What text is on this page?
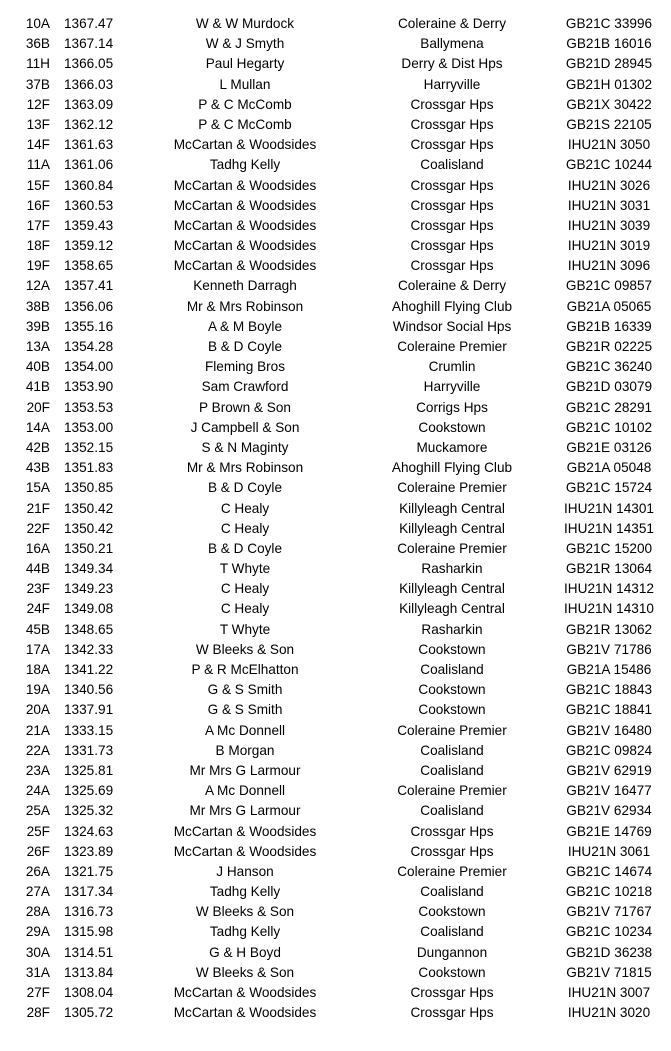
10A 1367.47	W & W Murdock	Coleraine & Derry	GB21C 33996
36B 1367.14	W & J Smyth	Ballymena	GB21B 16016
11H 1366.05	Paul Hegarty	Derry & Dist Hps	GB21D 28945
37B 1366.03	L Mullan	Harryville	GB21H 01302
12F 1363.09	P & C McComb	Crossgar Hps	GB21X 30422
13F 1362.12	P & C McComb	Crossgar Hps	GB21S 22105
14F 1361.63	McCartan & Woodsides	Crossgar Hps	IHU21N 3050
11A 1361.06	Tadhg Kelly	Coalisland	GB21C 10244
15F 1360.84	McCartan & Woodsides	Crossgar Hps	IHU21N 3026
16F 1360.53	McCartan & Woodsides	Crossgar Hps	IHU21N 3031
17F 1359.43	McCartan & Woodsides	Crossgar Hps	IHU21N 3039
18F 1359.12	McCartan & Woodsides	Crossgar Hps	IHU21N 3019
19F 1358.65	McCartan & Woodsides	Crossgar Hps	IHU21N 3096
12A 1357.41	Kenneth Darragh	Coleraine & Derry	GB21C 09857
38B 1356.06	Mr & Mrs Robinson	Ahoghill Flying Club	GB21A 05065
39B 1355.16	A & M Boyle	Windsor Social Hps	GB21B 16339
13A 1354.28	B & D Coyle	Coleraine Premier	GB21R 02225
40B 1354.00	Fleming Bros	Crumlin	GB21C 36240
41B 1353.90	Sam Crawford	Harryville	GB21D 03079
20F 1353.53	P Brown & Son	Corrigs Hps	GB21C 28291
14A 1353.00	J Campbell & Son	Cookstown	GB21C 10102
42B 1352.15	S & N Maginty	Muckamore	GB21E 03126
43B 1351.83	Mr & Mrs Robinson	Ahoghill Flying Club	GB21A 05048
15A 1350.85	B & D Coyle	Coleraine Premier	GB21C 15724
21F 1350.42	C Healy	Killyleagh Central	IHU21N 14301
22F 1350.42	C Healy	Killyleagh Central	IHU21N 14351
16A 1350.21	B & D Coyle	Coleraine Premier	GB21C 15200
44B 1349.34	T Whyte	Rasharkin	GB21R 13064
23F 1349.23	C Healy	Killyleagh Central	IHU21N 14312
24F 1349.08	C Healy	Killyleagh Central	IHU21N 14310
45B 1348.65	T Whyte	Rasharkin	GB21R 13062
17A 1342.33	W Bleeks & Son	Cookstown	GB21V 71786
18A 1341.22	P & R McElhatton	Coalisland	GB21A 15486
19A 1340.56	G & S Smith	Cookstown	GB21C 18843
20A 1337.91	G & S Smith	Cookstown	GB21C 18841
21A 1333.15	A Mc Donnell	Coleraine Premier	GB21V 16480
22A 1331.73	B Morgan	Coalisland	GB21C 09824
23A 1325.81	Mr Mrs G Larmour	Coalisland	GB21V 62919
24A 1325.69	A Mc Donnell	Coleraine Premier	GB21V 16477
25A 1325.32	Mr Mrs G Larmour	Coalisland	GB21V 62934
25F 1324.63	McCartan & Woodsides	Crossgar Hps	GB21E 14769
26F 1323.89	McCartan & Woodsides	Crossgar Hps	IHU21N 3061
26A 1321.75	J Hanson	Coleraine Premier	GB21C 14674
27A 1317.34	Tadhg Kelly	Coalisland	GB21C 10218
28A 1316.73	W Bleeks & Son	Cookstown	GB21V 71767
29A 1315.98	Tadhg Kelly	Coalisland	GB21C 10234
30A 1314.51	G & H Boyd	Dungannon	GB21D 36238
31A 1313.84	W Bleeks & Son	Cookstown	GB21V 71815
27F 1308.04	McCartan & Woodsides	Crossgar Hps	IHU21N 3007
28F 1305.72	McCartan & Woodsides	Crossgar Hps	IHU21N 3020
